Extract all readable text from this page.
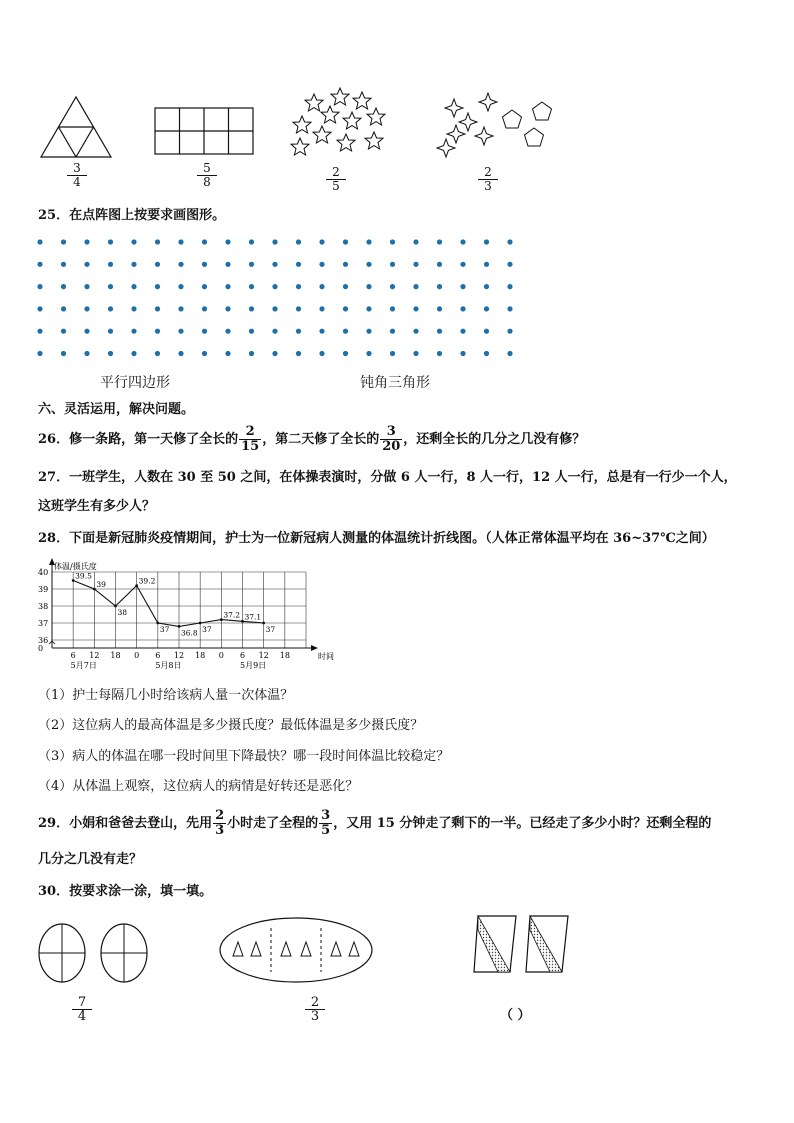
$\frac{3}{4}$	$\frac{5}{8}$	$\frac{2}{5}$	$\frac{2}{3}$
25．在点阵图上按要求画图形。
平行四边形	钝角三角形
六、灵活运用，解决问题。
26．修一条路，第一天修了全长的 $\frac{2}{15}$ ，第二天修了全长的 $\frac{3}{20}$ ，还剩全长的几分之几没有修？
27．一班学生，人数在 30 至 50 之间，在体操表演时，分做 6 人一行，8 人一行，12 人一行，总是有一行少一个人，
这班学生有多少人？
28．下面是新冠肺炎疫情期间，护士为一位新冠病人测量的体温统计折线图。（人体正常体温平均在 36~37℃之间）
体温/摄氏度
时间
0
36
37
38
39
40
6 12 18 0 6 12 18 0 6 12 18
5月7日	5月8日	5月9日
39.5
39
38
39.2
37 36.8 37
37.2 37.1
37
（1）护士每隔几小时给该病人量一次体温？
（2）这位病人的最高体温是多少摄氏度？最低体温是多少摄氏度？
（3）病人的体温在哪一段时间里下降最快？哪一段时间体温比较稳定？
（4）从体温上观察，这位病人的病情是好转还是恶化？
29．小娟和爸爸去登山，先用 $\frac{2}{3}$ 小时走了全程的 $\frac{3}{5}$ ，又用 15 分钟走了剩下的一半。已经走了多少小时？还剩全程的
几分之几没有走？
30．按要求涂一涂，填一填。
$\frac{7}{4}$	$\frac{2}{3}$	（ ）
